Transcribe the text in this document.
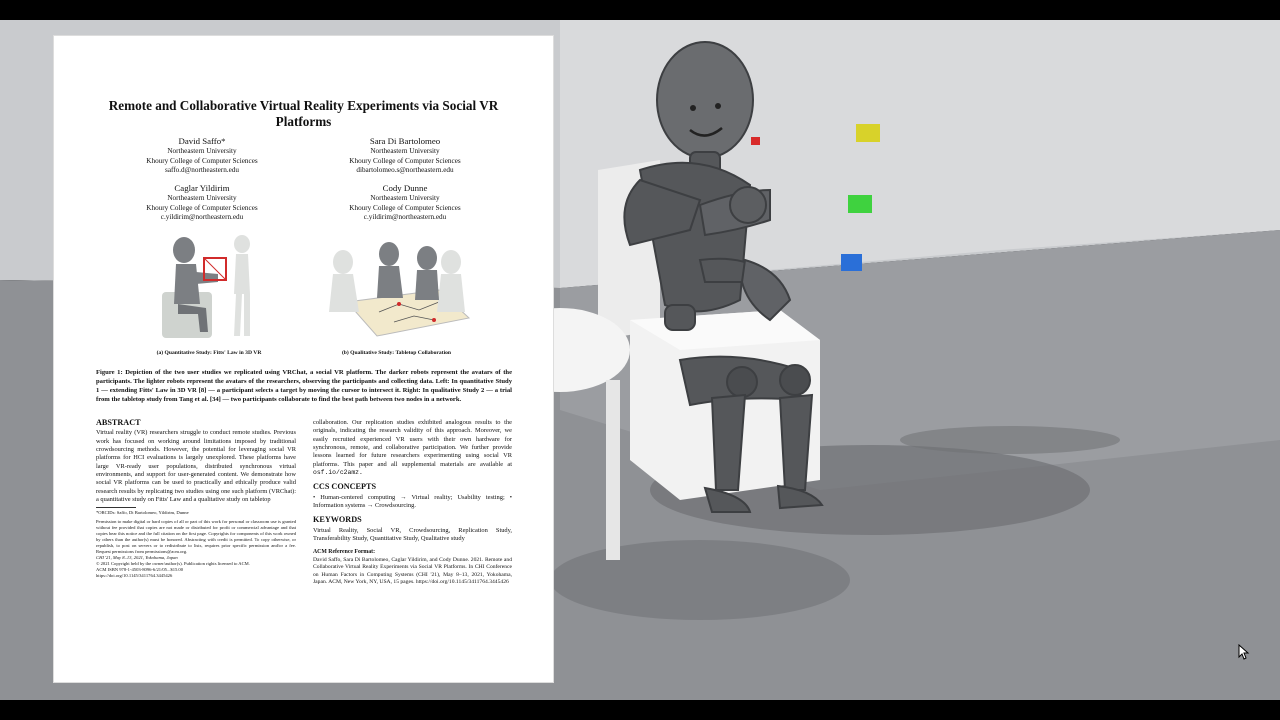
Remote and Collaborative Virtual Reality Experiments via Social VR Platforms
David Saffo*
Northeastern University
Khoury College of Computer Sciences
saffo.d@northeastern.edu
Sara Di Bartolomeo
Northeastern University
Khoury College of Computer Sciences
dibartolomeo.s@northeastern.edu
Caglar Yildirim
Northeastern University
Khoury College of Computer Sciences
c.yildirim@northeastern.edu
Cody Dunne
Northeastern University
Khoury College of Computer Sciences
c.yildirim@northeastern.edu
(a) Quantitative Study: Fitts' Law in 3D VR	(b) Qualitative Study: Tabletop Collaboration
Figure 1: Depiction of the two user studies we replicated using VRChat, a social VR platform. The darker robots represent the avatars of the participants. The lighter robots represent the avatars of the researchers, observing the participants and collecting data. Left: In quantitative Study 1 — extending Fitts' Law in 3D VR [8] — a participant selects a target by moving the cursor to intersect it. Right: In qualitative Study 2 — a trial from the tabletop study from Tang et al. [34] — two participants collaborate to find the best path between two nodes in a network.
ABSTRACT
Virtual reality (VR) researchers struggle to conduct remote studies. Previous work has focused on working around limitations imposed by traditional crowdsourcing methods. However, the potential for leveraging social VR platforms for HCI evaluations is largely unexplored. These platforms have large VR-ready user populations, distributed synchronous virtual environments, and support for user-generated content. We demonstrate how social VR platforms can be used to practically and ethically produce valid research results by replicating two studies using one such platform (VRChat): a quantitative study on Fitts' Law and a qualitative study on tabletop
*ORCIDs: Saffo, Di Bartolomeo, Yildirim, Dunne
Permission to make digital or hard copies of all or part of this work for personal or classroom use is granted without fee provided that copies are not made or distributed for profit or commercial advantage and that copies bear this notice and the full citation on the first page. Copyrights for components of this work owned by others than the author(s) must be honored. Abstracting with credit is permitted. To copy otherwise, or republish, to post on servers or to redistribute to lists, requires prior specific permission and/or a fee. Request permissions from permissions@acm.org.
CHI '21, May 8–13, 2021, Yokohama, Japan
© 2021 Copyright held by the owner/author(s). Publication rights licensed to ACM.
ACM ISBN 978-1-4503-8096-6/21/05...$15.00
https://doi.org/10.1145/3411764.3445426
collaboration. Our replication studies exhibited analogous results to the originals, indicating the research validity of this approach. Moreover, we easily recruited experienced VR users with their own hardware for synchronous, remote, and collaborative participation. We further provide lessons learned for future researchers experimenting using social VR platforms. This paper and all supplemental materials are available at osf.io/c2amz.
CCS CONCEPTS
• Human-centered computing → Virtual reality; Usability testing; • Information systems → Crowdsourcing.
KEYWORDS
Virtual Reality, Social VR, Crowdsourcing, Replication Study, Transferability Study, Quantitative Study, Qualitative study
ACM Reference Format:
David Saffo, Sara Di Bartolomeo, Caglar Yildirim, and Cody Dunne. 2021. Remote and Collaborative Virtual Reality Experiments via Social VR Platforms. In CHI Conference on Human Factors in Computing Systems (CHI '21), May 8–13, 2021, Yokohama, Japan. ACM, New York, NY, USA, 15 pages. https://doi.org/10.1145/3411764.3445426
